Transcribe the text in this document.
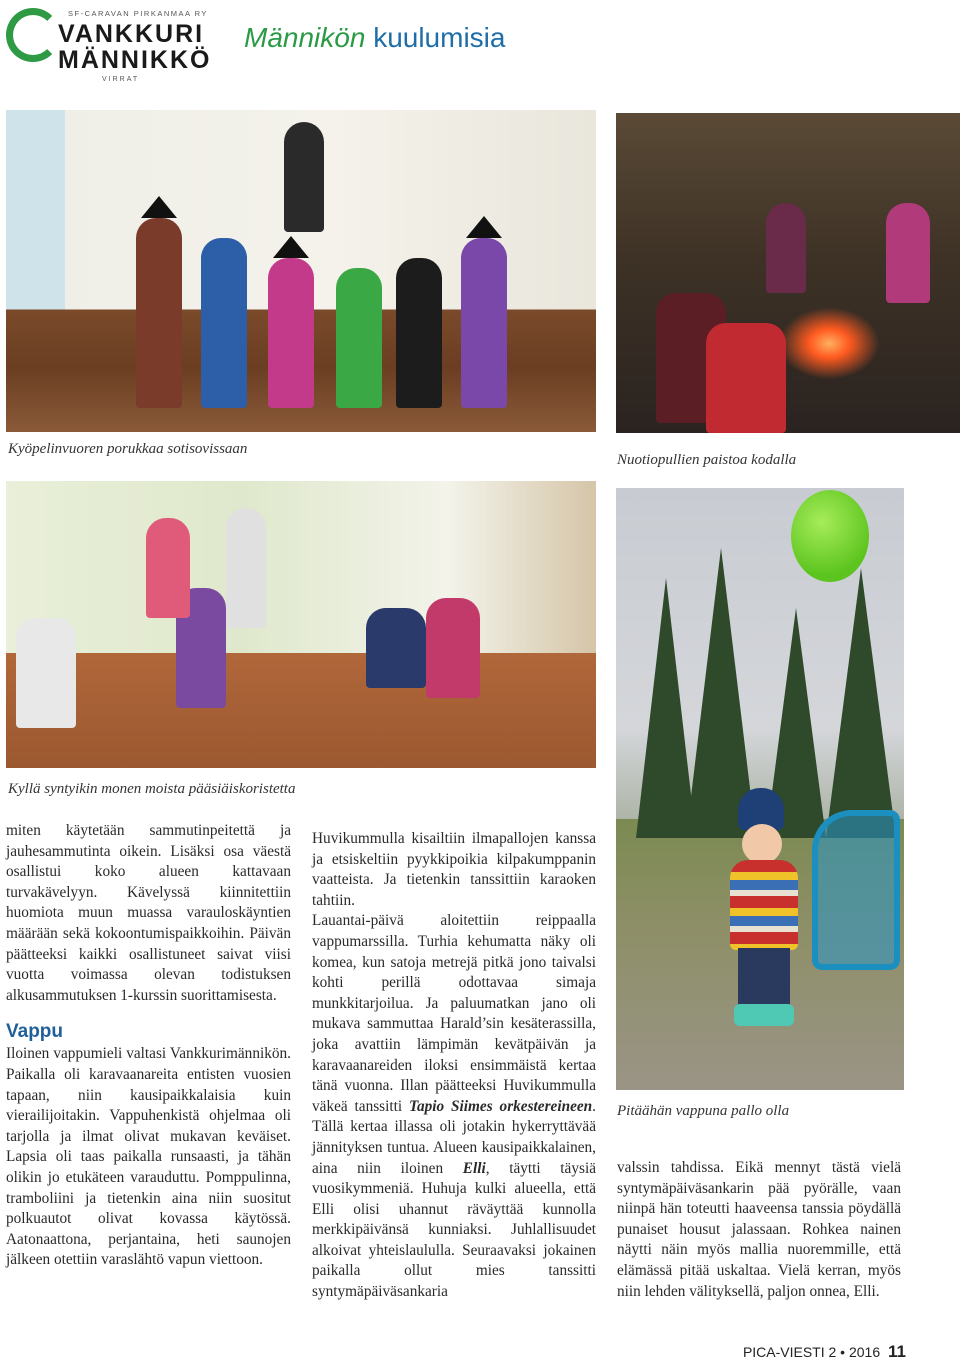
SF-CARAVAN PIRKANMAA RY
VANKKURI
MÄNNIKKÖ
VIRRAT
Männikön kuulumisia
Kyöpelinvuoren porukkaa sotisovissaan
Nuotiopullien paistoa kodalla
Kyllä syntyikin monen moista pääsiäiskoristetta
Pitäähän vappuna pallo olla

miten käytetään sammutinpeitettä ja jauhesammutinta oikein. Lisäksi osa väestä osallistui koko alueen kattavaan turvakävelyyn. Kävelyssä kiinnitettiin huomiota muun muassa varauloskäyntien määrään sekä kokoontumispaikkoihin. Päivän päätteeksi kaikki osallistuneet saivat viisi vuotta voimassa olevan todistuksen alkusammutuksen 1-kurssin suorittamisesta.

Vappu

Iloinen vappumieli valtasi Vankkurimännikön. Paikalla oli karavaanareita entisten vuosien tapaan, niin kausipaikkalaisia kuin vierailijoitakin. Vappuhenkistä ohjelmaa oli tarjolla ja ilmat olivat mukavan keväiset. Lapsia oli taas paikalla runsaasti, ja tähän olikin jo etukäteen varauduttu. Pomppulinna, tramboliini ja tietenkin aina niin suositut polkuautot olivat kovassa käytössä. Aatonaattona, perjantaina, heti saunojen jälkeen otettiin varaslähtö vapun viettoon.

Huvikummulla kisailtiin ilmapallojen kanssa ja etsiskeltiin pyykkipoikia kilpakumppanin vaatteista. Ja tietenkin tanssittiin karaoken tahtiin.

Lauantai-päivä aloitettiin reippaalla vappumarssilla. Turhia kehumatta näky oli komea, kun satoja metrejä pitkä jono taivalsi kohti perillä odottavaa simaja munkkitarjoilua. Ja paluumatkan jano oli mukava sammuttaa Harald’sin kesäterassilla, joka avattiin lämpimän kevätpäivän ja karavaanareiden iloksi ensimmäistä kertaa tänä vuonna. Illan päätteeksi Huvikummulla väkeä tanssitti Tapio Siimes orkestereineen. Tällä kertaa illassa oli jotakin hykerryttävää jännityksen tuntua. Alueen kausipaikkalainen, aina niin iloinen Elli, täytti täysiä vuosikymmeniä. Huhuja kulki alueella, että Elli olisi uhannut räväyttää kunnolla merkkipäivänsä kunniaksi. Juhlallisuudet alkoivat yhteislaululla. Seuraavaksi jokainen paikalla ollut mies tanssitti syntymäpäiväsankaria

valssin tahdissa. Eikä mennyt tästä vielä syntymäpäiväsankarin pää pyörälle, vaan niinpä hän toteutti haaveensa tanssia pöydällä punaiset housut jalassaan. Rohkea nainen näytti näin myös mallia nuoremmille, että elämässä pitää uskaltaa. Vielä kerran, myös niin lehden välityksellä, paljon onnea, Elli.

PICA-VIESTI 2 • 2016 11
